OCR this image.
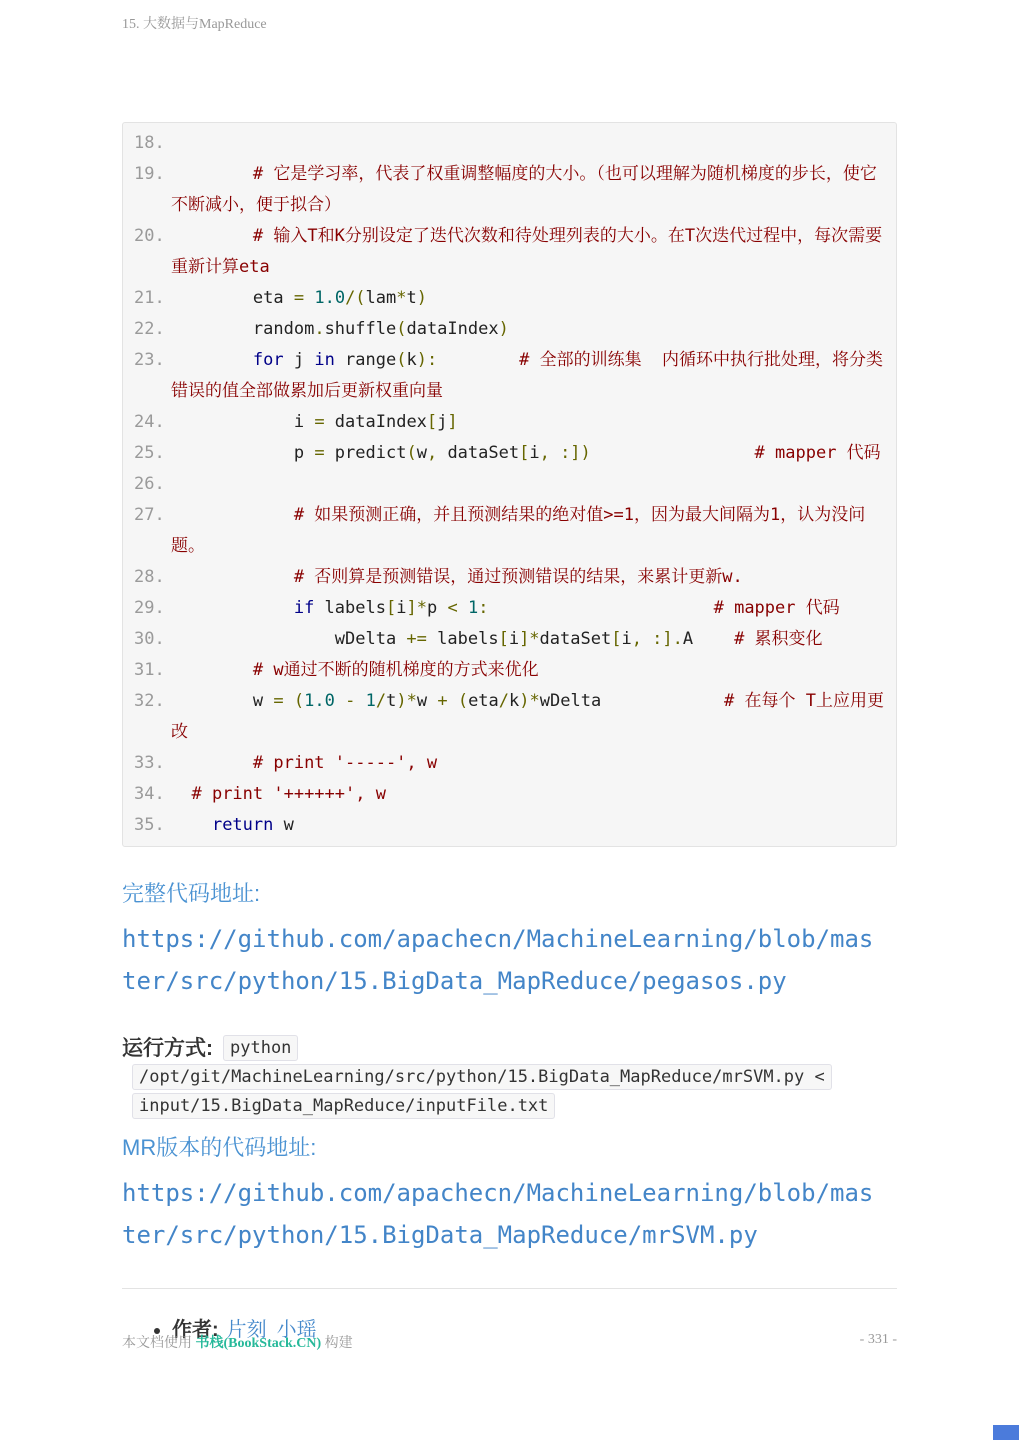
15. 大数据与MapReduce
18.
19.	# 它是学习率，代表了权重调整幅度的大小。（也可以理解为随机梯度的步长，使它不断减小，便于拟合）
20.	# 输入T和K分别设定了迭代次数和待处理列表的大小。在T次迭代过程中，每次需要重新计算eta
21. eta = 1.0/(lam*t)
22. random.shuffle(dataIndex)
23.	for j in range(k):	# 全部的训练集  内循环中执行批处理，将分类错误的值全部做累加后更新权重向量
24. i = dataIndex[j]
25. p = predict(w, dataSet[i, :])	# mapper 代码
26.
27.	# 如果预测正确，并且预测结果的绝对值>=1，因为最大间隔为1，认为没问题。
28.	# 否则算是预测错误，通过预测错误的结果，来累计更新w.
29.	if labels[i]*p < 1:	# mapper 代码
30. wDelta += labels[i]*dataSet[i, :].A    # 累积变化
31.	# w通过不断的随机梯度的方式来优化
32. w = (1.0 - 1/t)*w + (eta/k)*wDelta	# 在每个 T上应用更改
33.	# print '-----', w
34.	# print '++++++', w
35.	return w

完整代码地址:

https://github.com/apachecn/MachineLearning/blob/master/src/python/15.BigData_MapReduce/pegasos.py

运行方式: python /opt/git/MachineLearning/src/python/15.BigData_MapReduce/mrSVM.py < input/15.BigData_MapReduce/inputFile.txt

MR版本的代码地址:

https://github.com/apachecn/MachineLearning/blob/master/src/python/15.BigData_MapReduce/mrSVM.py

• 作者: 片刻 小瑶
本文档使用 书栈(BookStack.CN) 构建	- 331 -
